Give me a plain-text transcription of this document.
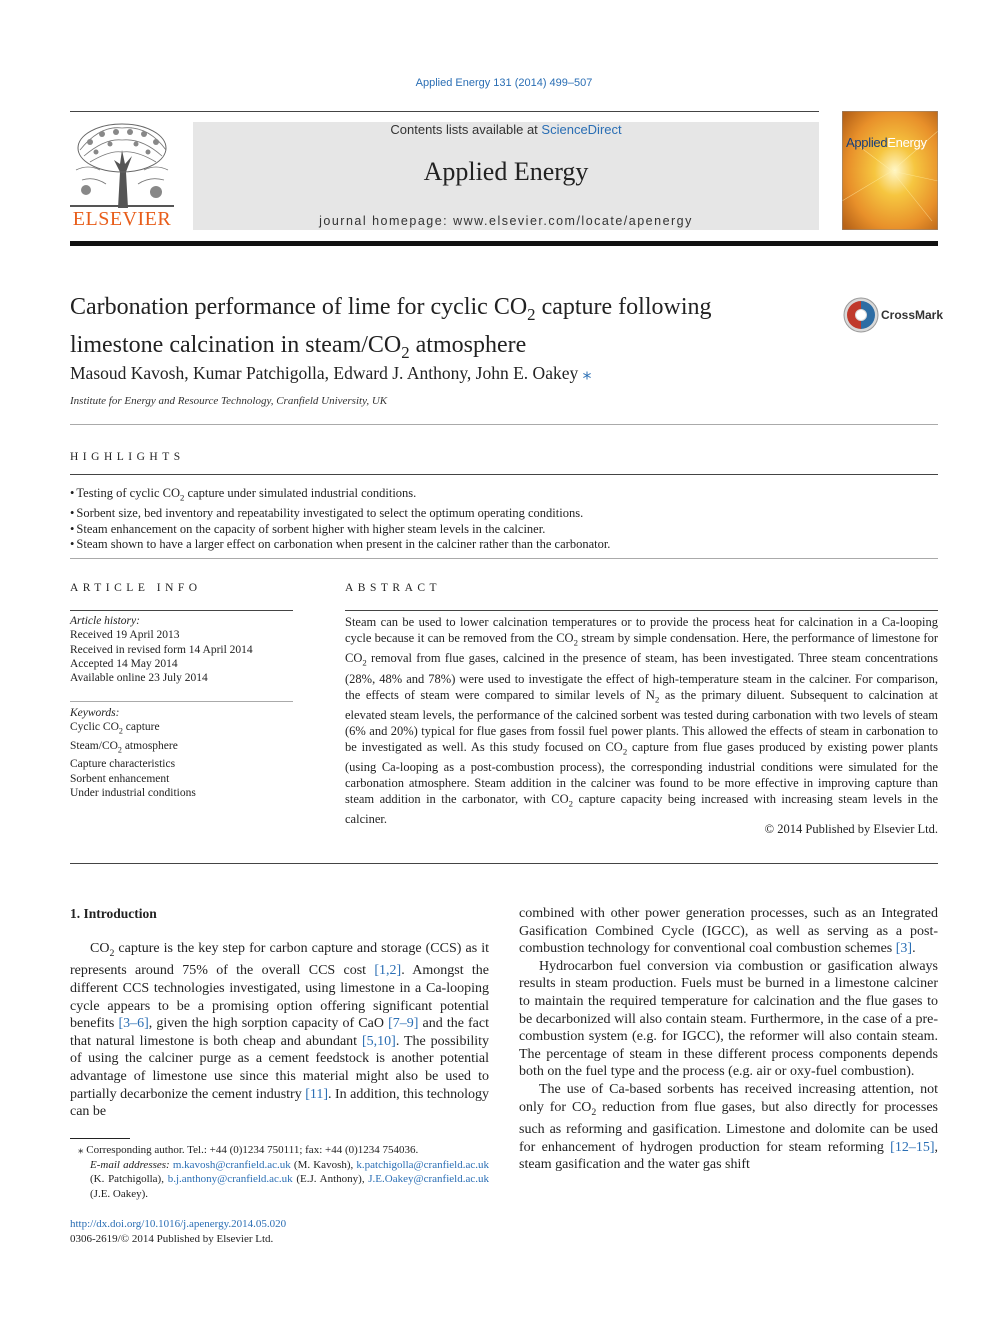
Applied Energy 131 (2014) 499–507
ELSEVIER
Contents lists available at ScienceDirect
Applied Energy
journal homepage: www.elsevier.com/locate/apenergy
AppliedEnergy
Carbonation performance of lime for cyclic $CO_2$ capture following
limestone calcination in steam/$CO_2$ atmosphere
CrossMark
Masoud Kavosh, Kumar Patchigolla, Edward J. Anthony, John E. Oakey ⁎
Institute for Energy and Resource Technology, Cranfield University, UK
HIGHLIGHTS
• Testing of cyclic $CO_2$ capture under simulated industrial conditions.
• Sorbent size, bed inventory and repeatability investigated to select the optimum operating conditions.
• Steam enhancement on the capacity of sorbent higher with higher steam levels in the calciner.
• Steam shown to have a larger effect on carbonation when present in the calciner rather than the carbonator.
ARTICLE INFO
Article history:
Received 19 April 2013
Received in revised form 14 April 2014
Accepted 14 May 2014
Available online 23 July 2014
Keywords:
Cyclic $CO_2$ capture
Steam/$CO_2$ atmosphere
Capture characteristics
Sorbent enhancement
Under industrial conditions
ABSTRACT
Steam can be used to lower calcination temperatures or to provide the process heat for calcination in a Ca-looping cycle because it can be removed from the $CO_2$ stream by simple condensation. Here, the performance of limestone for $CO_2$ removal from flue gases, calcined in the presence of steam, has been investigated. Three steam concentrations (28%, 48% and 78%) were used to investigate the effect of high-temperature steam in the calciner. For comparison, the effects of steam were compared to similar levels of $N_2$ as the primary diluent. Subsequent to calcination at elevated steam levels, the performance of the calcined sorbent was tested during carbonation with two levels of steam (6% and 20%) typical for flue gases from fossil fuel power plants. This allowed the effects of steam in carbonation to be investigated as well. As this study focused on $CO_2$ capture from flue gases produced by existing power plants (using Ca-looping as a post-combustion process), the corresponding industrial conditions were simulated for the carbonation atmosphere. Steam addition in the calciner was found to be more effective in improving capture than steam addition in the carbonator, with $CO_2$ capture capacity being increased with increasing steam levels in the calciner.
© 2014 Published by Elsevier Ltd.
1. Introduction

$CO_2$ capture is the key step for carbon capture and storage (CCS) as it represents around 75% of the overall CCS cost [1,2]. Amongst the different CCS technologies investigated, using limestone in a Ca-looping cycle appears to be a promising option offering significant potential benefits [3–6], given the high sorption capacity of CaO [7–9] and the fact that natural limestone is both cheap and abundant [5,10]. The possibility of using the calciner purge as a cement feedstock is another potential advantage of limestone use since this material might also be used to partially decarbonize the cement industry [11]. In addition, this technology can be

combined with other power generation processes, such as an Integrated Gasification Combined Cycle (IGCC), as well as serving as a post-combustion technology for conventional coal combustion schemes [3].

Hydrocarbon fuel conversion via combustion or gasification always results in steam production. Fuels must be burned in a limestone calciner to maintain the required temperature for calcination and the flue gases to be decarbonized will also contain steam. Furthermore, in the case of a pre-combustion system (e.g. for IGCC), the reformer will also contain steam. The percentage of steam in these different process components depends both on the fuel type and the process (e.g. air or oxy-fuel combustion).

The use of Ca-based sorbents has received increasing attention, not only for $CO_2$ reduction from flue gases, but also directly for processes such as reforming and gasification. Limestone and dolomite can be used for enhancement of hydrogen production for steam reforming [12–15], steam gasification and the water gas shift

⁎ Corresponding author. Tel.: +44 (0)1234 750111; fax: +44 (0)1234 754036.
E-mail addresses: m.kavosh@cranfield.ac.uk (M. Kavosh), k.patchigolla@cranfield.ac.uk (K. Patchigolla), b.j.anthony@cranfield.ac.uk (E.J. Anthony), J.E.Oakey@cranfield.ac.uk (J.E. Oakey).
http://dx.doi.org/10.1016/j.apenergy.2014.05.020
0306-2619/© 2014 Published by Elsevier Ltd.
